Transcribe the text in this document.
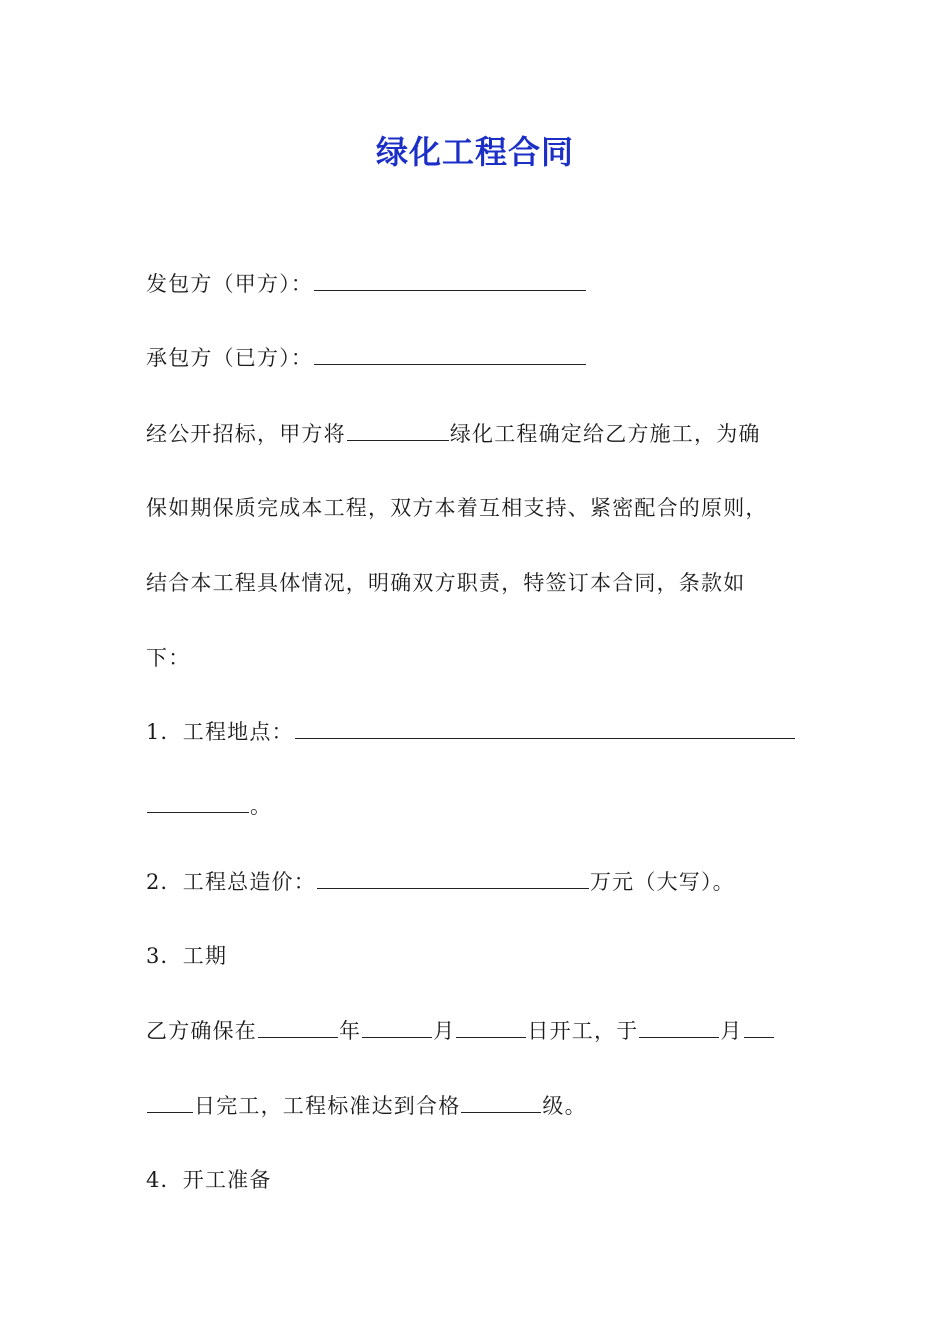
绿化工程合同
发包方（甲方）：
承包方（已方）：
经公开招标，甲方将	绿化工程确定给乙方施工，为确
保如期保质完成本工程，双方本着互相支持、紧密配合的原则，
结合本工程具体情况，明确双方职责，特签订本合同，条款如
下：
1．工程地点：
。
2．工程总造价：	万元（大写）。
3．工期
乙方确保在	年	月	日开工，于	月
日完工，工程标准达到合格	级。
4．开工准备
